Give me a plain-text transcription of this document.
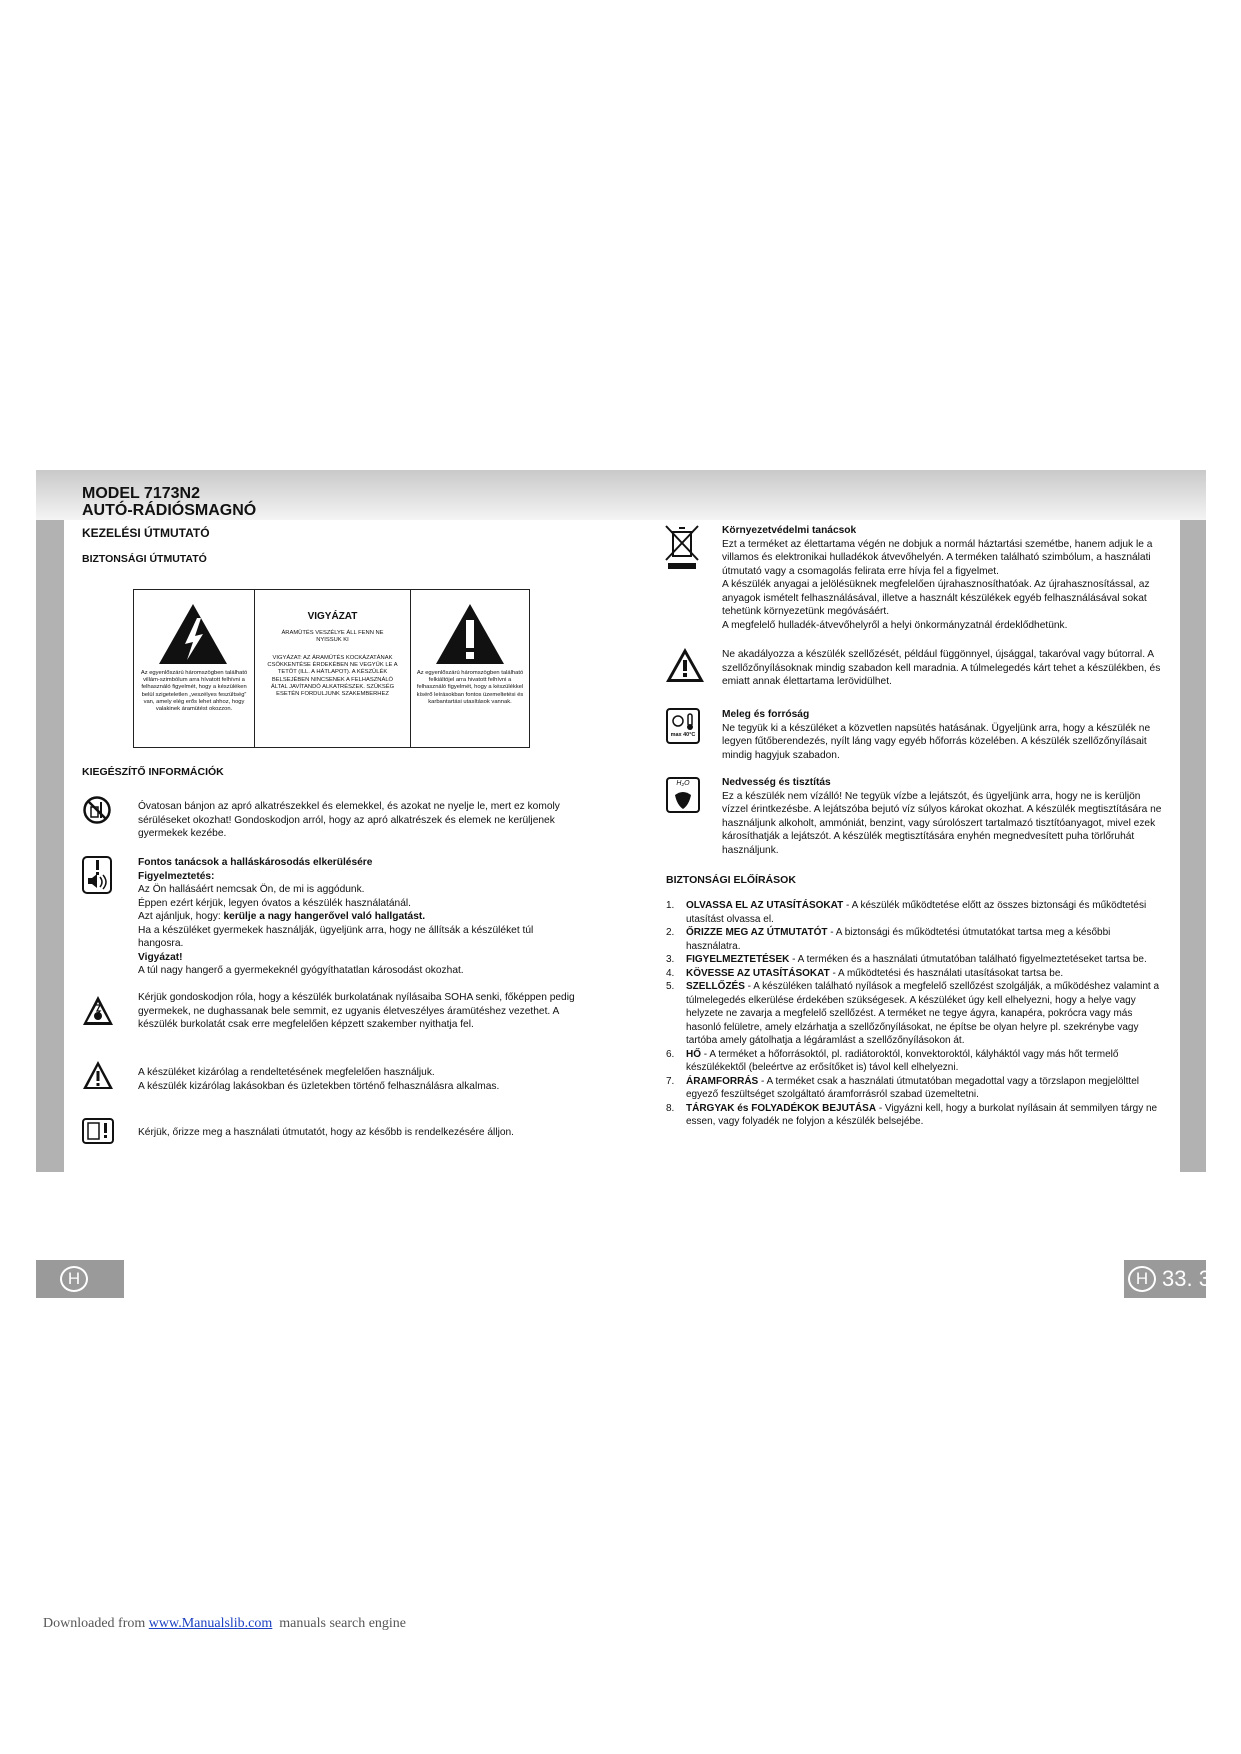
H	H 33. 3
MODEL 7173N2
AUTÓ-RÁDIÓSMAGNÓ
KEZELÉSI ÚTMUTATÓ
BIZTONSÁGI ÚTMUTATÓ
Az egyenlőszárú háromszögben található villám-szimbólum arra hívatott felhívni a felhasználó figyelmét, hogy a készüléken belül szigeteletlen „veszélyes feszültség” van, amely elég erős lehet ahhoz, hogy valakinek áramütést okozzon.
VIGYÁZAT
ÁRAMÜTÉS VESZÉLYE ÁLL FENN NE NYISSUK KI
VIGYÁZAT: AZ ÁRAMÜTÉS KOCKÁZATÁNAK CSÖKKENTÉSE ÉRDEKÉBEN NE VEGYÜK LE A TETŐT (ILL. A HÁTLAPOT). A KÉSZÜLÉK BELSEJÉBEN NINCSENEK A FELHASZNÁLÓ ÁLTAL JAVÍTANDÓ ALKATRÉSZEK. SZÜKSÉG ESETÉN FORDULJUNK SZAKEMBERHEZ
Az egyenlőszárú háromszögben található felkiáltójel arra hivatott felhívni a felhasználó figyelmét, hogy a készülékkel kísérő leírásokban fontos üzemeltetési és karbantartási utasítások vannak.
KIEGÉSZÍTŐ INFORMÁCIÓK
Óvatosan bánjon az apró alkatrészekkel és elemekkel, és azokat ne nyelje le, mert ez komoly sérüléseket okozhat! Gondoskodjon arról, hogy az apró alkatrészek és elemek ne kerüljenek gyermekek kezébe.
Fontos tanácsok a halláskárosodás elkerülésére
Figyelmeztetés:
Az Ön hallásáért nemcsak Ön, de mi is aggódunk.
Éppen ezért kérjük, legyen óvatos a készülék használatánál.
Azt ajánljuk, hogy: kerülje a nagy hangerővel való hallgatást.
Ha a készüléket gyermekek használják, ügyeljünk arra, hogy ne állítsák a készüléket túl hangosra.
Vigyázat!
A túl nagy hangerő a gyermekeknél gyógyíthatatlan károsodást okozhat.
Kérjük gondoskodjon róla, hogy a készülék burkolatának nyílásaiba SOHA senki, főképpen pedig gyermekek, ne dughassanak bele semmit, ez ugyanis életveszélyes áramütéshez vezethet. A készülék burkolatát csak erre megfelelően képzett szakember nyithatja fel.
A készüléket kizárólag a rendeltetésének megfelelően használjuk.
A készülék kizárólag lakásokban és üzletekben történő felhasználásra alkalmas.
Kérjük, őrizze meg a használati útmutatót, hogy az később is rendelkezésére álljon.
Környezetvédelmi tanácsok
Ezt a terméket az élettartama végén ne dobjuk a normál háztartási szemétbe, hanem adjuk le a villamos és elektronikai hulladékok átvevőhelyén. A terméken található szimbólum, a használati útmutató vagy a csomagolás felirata erre hívja fel a figyelmet.
A készülék anyagai a jelölésüknek megfelelően újrahasznosíthatóak. Az újrahasznosítással, az anyagok ismételt felhasználásával, illetve a használt készülékek egyéb felhasználásával sokat tehetünk környezetünk megóvásáért.
A megfelelő hulladék-átvevőhelyről a helyi önkormányzatnál érdeklődhetünk.
Ne akadályozza a készülék szellőzését, például függönnyel, újsággal, takaróval vagy bútorral. A szellőzőnyílásoknak mindig szabadon kell maradnia. A túlmelegedés kárt tehet a készülékben, és emiatt annak élettartama lerövidülhet.
max 40°C
Meleg és forróság
Ne tegyük ki a készüléket a közvetlen napsütés hatásának. Ügyeljünk arra, hogy a készülék ne legyen fűtőberendezés, nyílt láng vagy egyéb hőforrás közelében. A készülék szellőzőnyílásait mindig hagyjuk szabadon.
H₂O	Nedvesség és tisztítás
Ez a készülék nem vízálló! Ne tegyük vízbe a lejátszót, és ügyeljünk arra, hogy ne is kerüljön vízzel érintkezésbe. A lejátszóba bejutó víz súlyos károkat okozhat. A készülék megtisztítására ne használjunk alkoholt, ammóniát, benzint, vagy súrolószert tartalmazó tisztítóanyagot, mivel ezek károsíthatják a lejátszót. A készülék megtisztítására enyhén megnedvesített puha törlőruhát használjunk.
BIZTONSÁGI ELŐÍRÁSOK
1. OLVASSA EL AZ UTASÍTÁSOKAT - A készülék működtetése előtt az összes biztonsági és működtetési utasítást olvassa el.
2. ŐRIZZE MEG AZ ÚTMUTATÓT - A biztonsági és működtetési útmutatókat tartsa meg a későbbi használatra.
3. FIGYELMEZTETÉSEK - A terméken és a használati útmutatóban található figyelmeztetéseket tartsa be.
4. KÖVESSE AZ UTASÍTÁSOKAT - A működtetési és használati utasításokat tartsa be.
5. SZELLŐZÉS - A készüléken található nyílások a megfelelő szellőzést szolgálják, a működéshez valamint a túlmelegedés elkerülése érdekében szükségesek. A készüléket úgy kell elhelyezni, hogy a helye vagy helyzete ne zavarja a megfelelő szellőzést. A terméket ne tegye ágyra, kanapéra, pokrócra vagy más hasonló felületre, amely elzárhatja a szellőzőnyílásokat, ne építse be olyan helyre pl. szekrénybe vagy tartóba amely gátolhatja a légáramlást a szellőzőnyílásokon át.
6. HŐ - A terméket a hőforrásoktól, pl. radiátoroktól, konvektoroktól, kályháktól vagy más hőt termelő készülékektől (beleértve az erősítőket is) távol kell elhelyezni.
7. ÁRAMFORRÁS - A terméket csak a használati útmutatóban megadottal vagy a törzslapon megjelölttel egyező feszültséget szolgáltató áramforrásról szabad üzemeltetni.
8. TÁRGYAK és FOLYADÉKOK BEJUTÁSA - Vigyázni kell, hogy a burkolat nyílásain át semmilyen tárgy ne essen, vagy folyadék ne folyjon a készülék belsejébe.
Downloaded from www.Manualslib.com  manuals search engine
